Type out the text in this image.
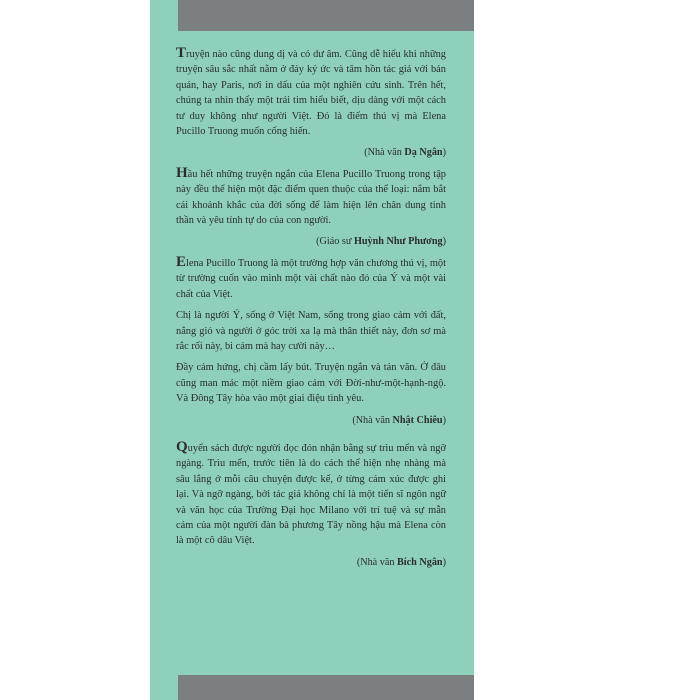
Truyện nào cũng dung dị và có dư âm. Cũng dễ hiểu khi những truyện sâu sắc nhất nằm ở đáy ký ức và tâm hồn tác giả với bản quán, hay Paris, nơi in dấu của một nghiên cứu sinh. Trên hết, chúng ta nhìn thấy một trái tim hiểu biết, dịu dàng với một cách tư duy không như người Việt. Đó là điểm thú vị mà Elena Pucillo Truong muốn cống hiến.

(Nhà văn Dạ Ngân)

Hầu hết những truyện ngắn của Elena Pucillo Truong trong tập này đều thể hiện một đặc điểm quen thuộc của thể loại: nắm bắt cái khoảnh khắc của đời sống để làm hiện lên chân dung tinh thần và yêu tính tự do của con người.

(Giáo sư Huỳnh Như Phương)

Elena Pucillo Truong là một trường hợp văn chương thú vị, một từ trường cuốn vào mình một vài chất nào đó của Ý và một vài chất của Việt.

Chị là người Ý, sống ở Việt Nam, sống trong giao cảm với đất, nắng gió và người ở góc trời xa lạ mà thân thiết này, đơn sơ mà rắc rối này, bi cảm mà hay cười này…

Đầy cảm hứng, chị cầm lấy bút. Truyện ngắn và tản văn. Ở đâu cũng man mác một niềm giao cảm với Đời-như-một-hạnh-ngộ. Và Đông Tây hòa vào một giai điệu tình yêu.

(Nhà văn Nhật Chiêu)

Quyển sách được người đọc đón nhận bằng sự trìu mến và ngỡ ngàng. Trìu mến, trước tiên là do cách thể hiện nhẹ nhàng mà sâu lắng ở mỗi câu chuyện được kể, ở từng cảm xúc được ghi lại. Và ngỡ ngàng, bởi tác giả không chỉ là một tiến sĩ ngôn ngữ và văn học của Trường Đại học Milano với trí tuệ và sự mẫn cảm của một người đàn bà phương Tây nồng hậu mà Elena còn là một cô dâu Việt.

(Nhà văn Bích Ngân)
